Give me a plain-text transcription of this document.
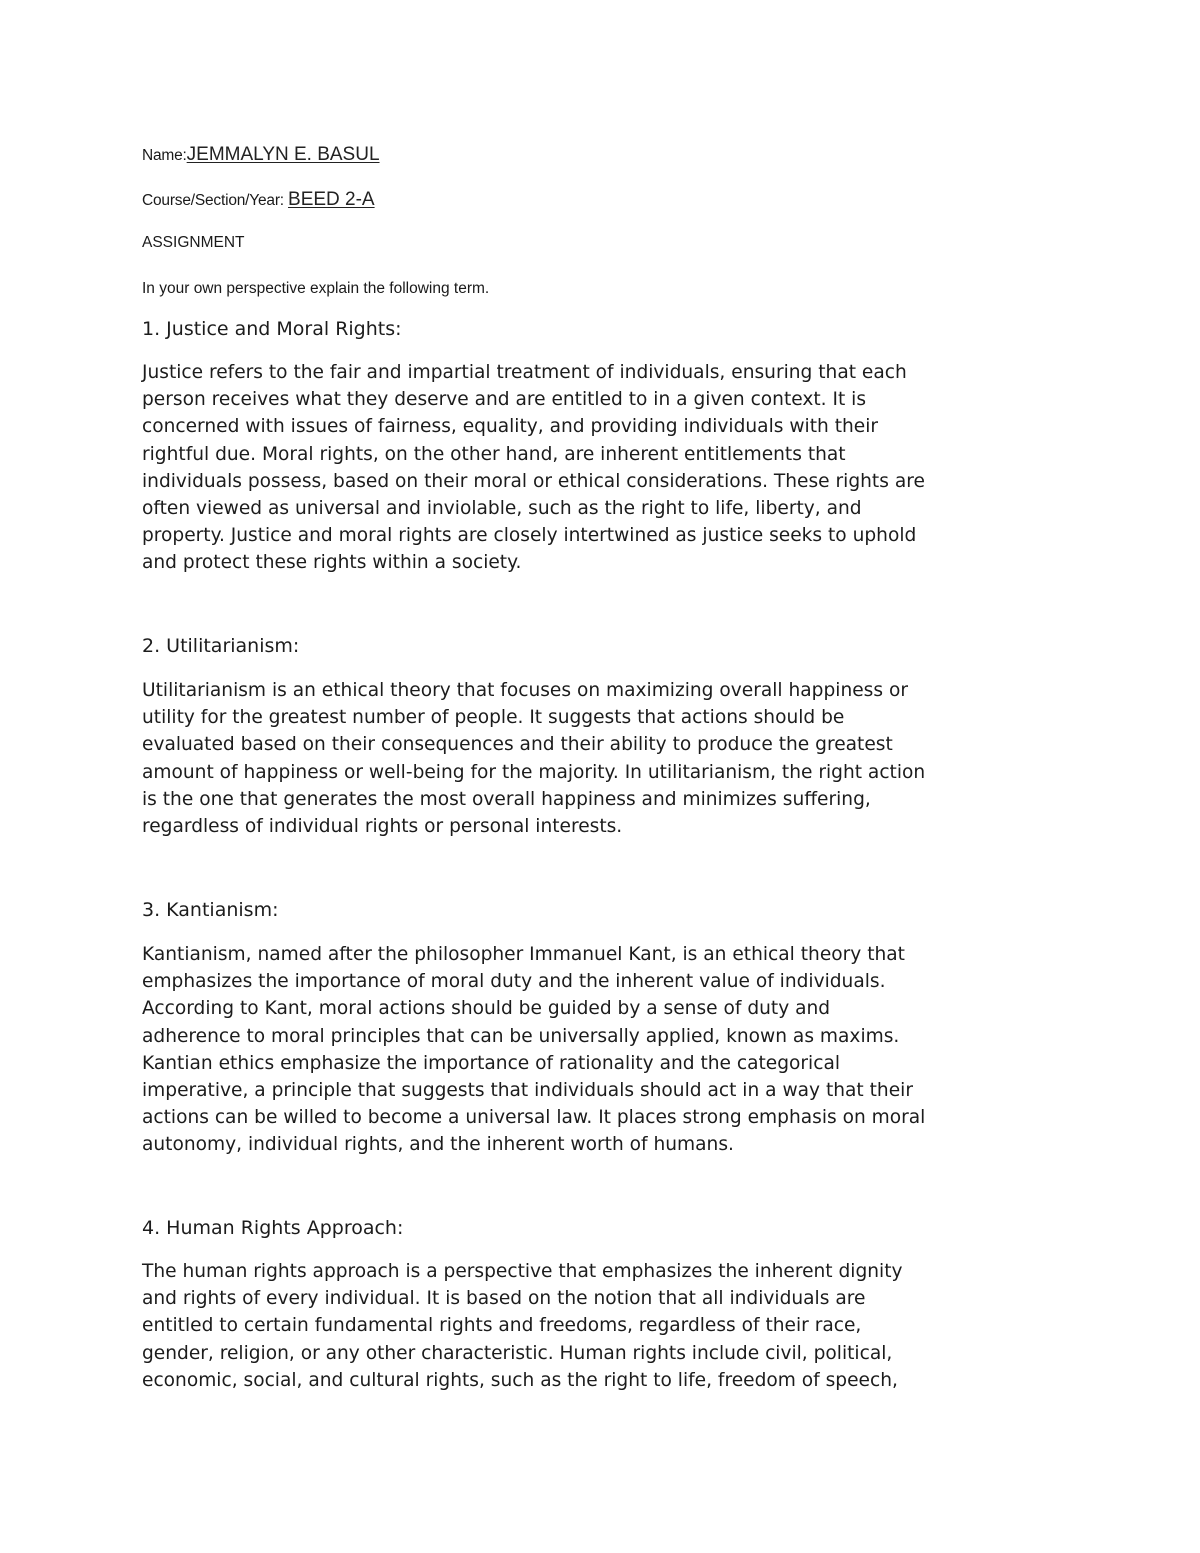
Name:JEMMALYN E. BASUL
Course/Section/Year: BEED 2-A
ASSIGNMENT
In your own perspective explain the following term.
1. Justice and Moral Rights:
Justice refers to the fair and impartial treatment of individuals, ensuring that each
person receives what they deserve and are entitled to in a given context. It is
concerned with issues of fairness, equality, and providing individuals with their
rightful due. Moral rights, on the other hand, are inherent entitlements that
individuals possess, based on their moral or ethical considerations. These rights are
often viewed as universal and inviolable, such as the right to life, liberty, and
property. Justice and moral rights are closely intertwined as justice seeks to uphold
and protect these rights within a society.
2. Utilitarianism:
Utilitarianism is an ethical theory that focuses on maximizing overall happiness or
utility for the greatest number of people. It suggests that actions should be
evaluated based on their consequences and their ability to produce the greatest
amount of happiness or well-being for the majority. In utilitarianism, the right action
is the one that generates the most overall happiness and minimizes suffering,
regardless of individual rights or personal interests.
3. Kantianism:
Kantianism, named after the philosopher Immanuel Kant, is an ethical theory that
emphasizes the importance of moral duty and the inherent value of individuals.
According to Kant, moral actions should be guided by a sense of duty and
adherence to moral principles that can be universally applied, known as maxims.
Kantian ethics emphasize the importance of rationality and the categorical
imperative, a principle that suggests that individuals should act in a way that their
actions can be willed to become a universal law. It places strong emphasis on moral
autonomy, individual rights, and the inherent worth of humans.
4. Human Rights Approach:
The human rights approach is a perspective that emphasizes the inherent dignity
and rights of every individual. It is based on the notion that all individuals are
entitled to certain fundamental rights and freedoms, regardless of their race,
gender, religion, or any other characteristic. Human rights include civil, political,
economic, social, and cultural rights, such as the right to life, freedom of speech,
